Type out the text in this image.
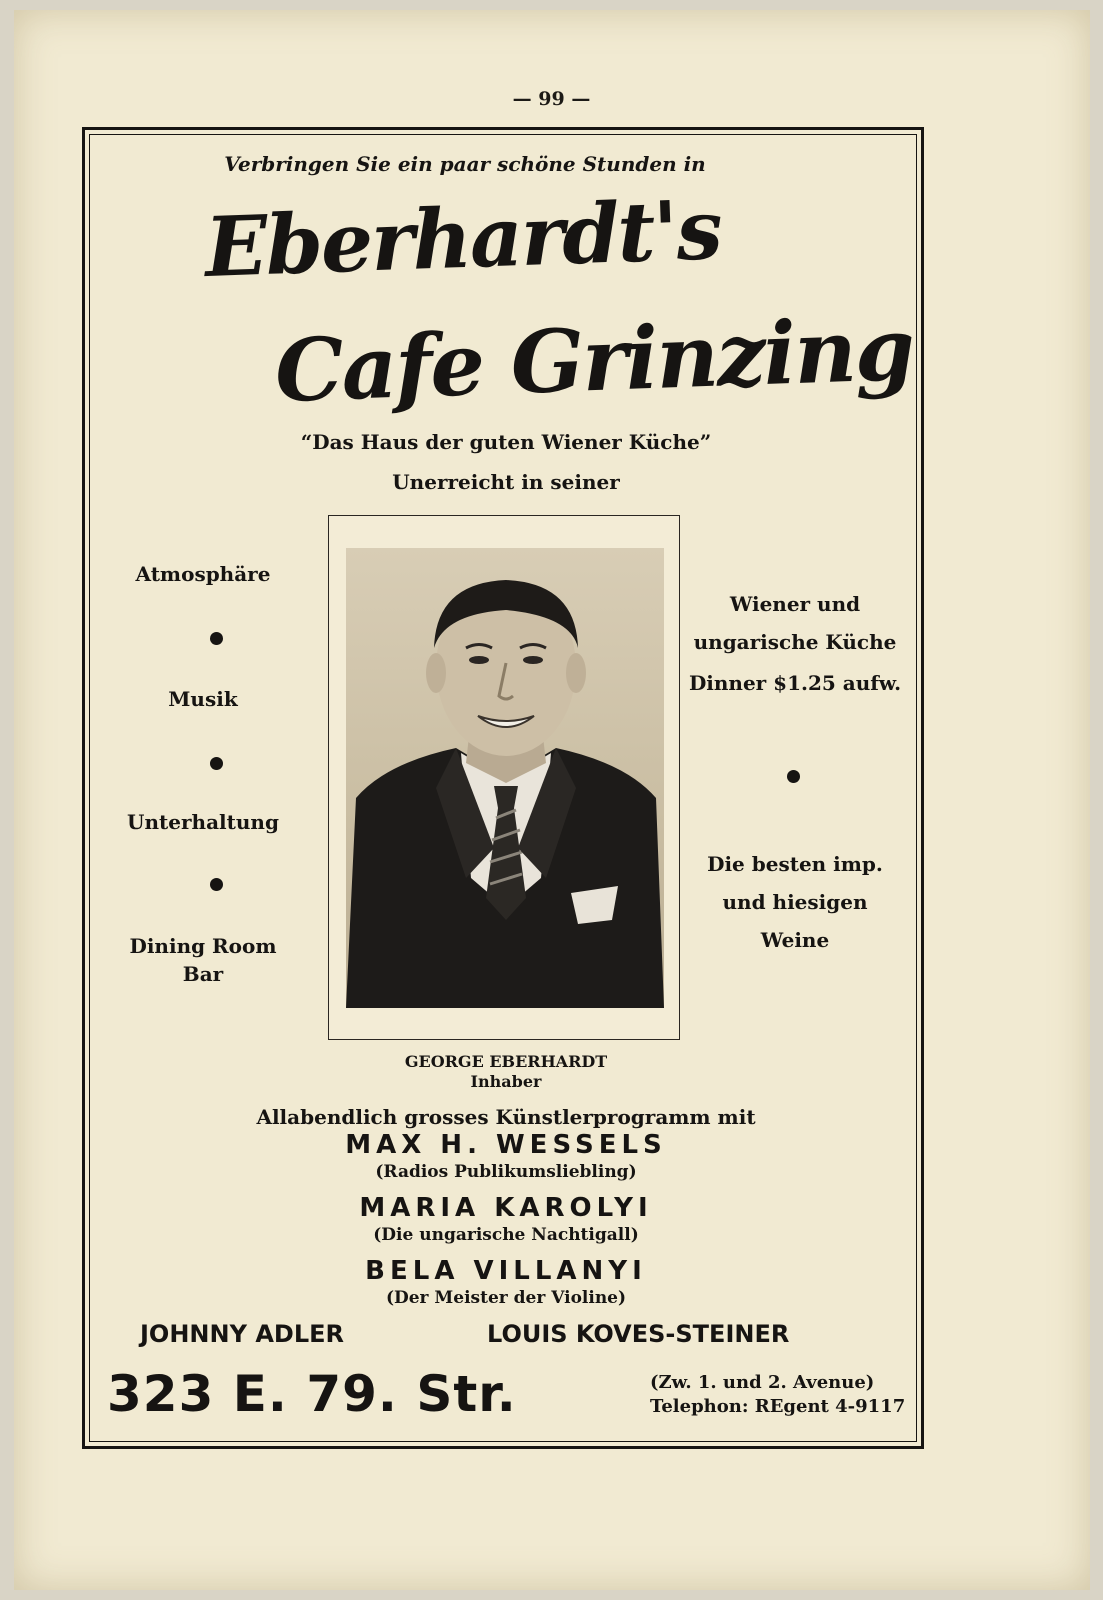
— 99 —
Verbringen Sie ein paar schöne Stunden in
Eberhardt's
Cafe Grinzing
“Das Haus der guten Wiener Küche”
Unerreicht in seiner
Atmosphäre
Musik
Unterhaltung
Dining Room
Bar
Wiener und
ungarische Küche
Dinner $1.25 aufw.
Die besten imp.
und hiesigen
Weine
GEORGE EBERHARDT
Inhaber
Allabendlich grosses Künstlerprogramm mit
MAX H. WESSELS
(Radios Publikumsliebling)
MARIA KAROLYI
(Die ungarische Nachtigall)
BELA VILLANYI
(Der Meister der Violine)
JOHNNY ADLER	LOUIS KOVES-STEINER
323 E. 79. Str.	(Zw. 1. und 2. Avenue)
Telephon: REgent 4-9117
